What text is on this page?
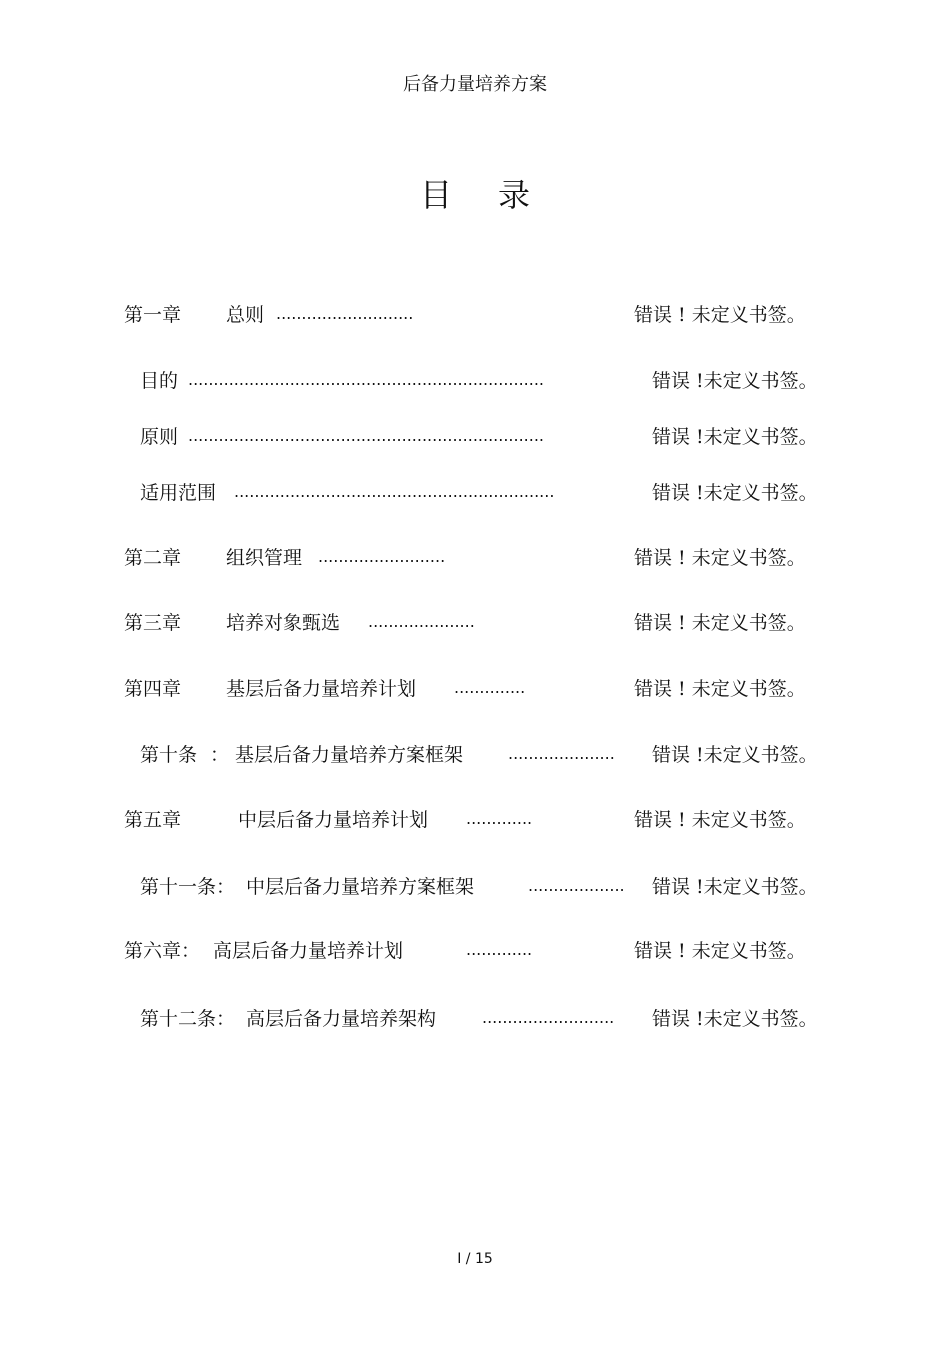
后备力量培养方案
目 录
第一章 总则 ...........................	错误 ! 未定义书签。
目的 ......................................................................	错误 !未定义书签。
原则 ......................................................................	错误 !未定义书签。
适用范围 ...............................................................	错误 !未定义书签。
第二章 组织管理 .........................	错误 ! 未定义书签。
第三章 培养对象甄选 .....................	错误 ! 未定义书签。
第四章 基层后备力量培养计划 ..............	错误 ! 未定义书签。
第十条 ： 基层后备力量培养方案框架	..................... 错误 !未定义书签。
第五章	中层后备力量培养计划 .............	错误 ! 未定义书签。
第十一条： 中层后备力量培养方案框架	................... 错误 !未定义书签。
第六章： 高层后备力量培养计划	.............	错误 ! 未定义书签。
第十二条： 高层后备力量培养架构	.......................... 错误 !未定义书签。
I / 15
